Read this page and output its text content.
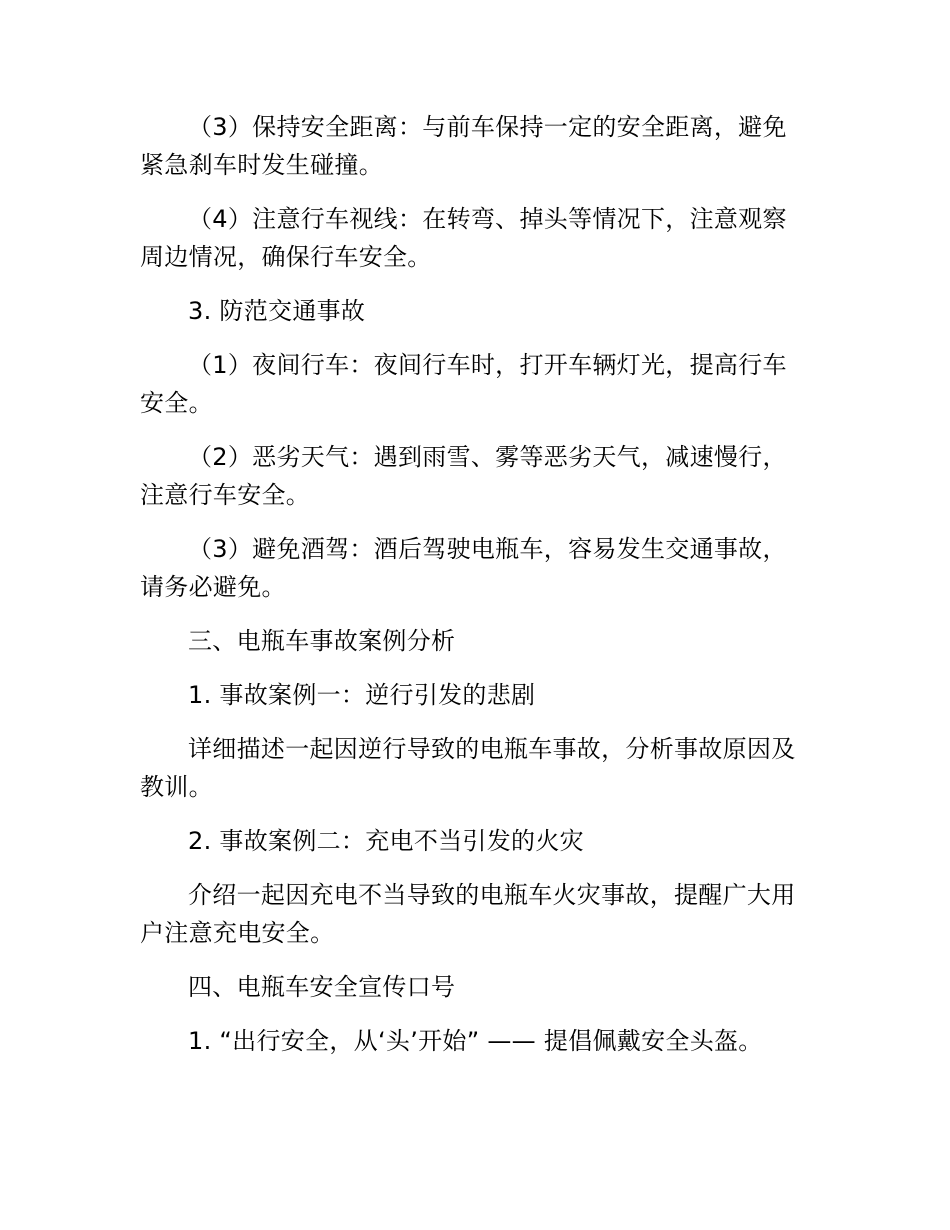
（3）保持安全距离：与前车保持一定的安全距离，避免紧急刹车时发生碰撞。

（4）注意行车视线：在转弯、掉头等情况下，注意观察周边情况，确保行车安全。

3. 防范交通事故

（1）夜间行车：夜间行车时，打开车辆灯光，提高行车安全。

（2）恶劣天气：遇到雨雪、雾等恶劣天气，减速慢行，注意行车安全。

（3）避免酒驾：酒后驾驶电瓶车，容易发生交通事故，请务必避免。

三、电瓶车事故案例分析

1. 事故案例一：逆行引发的悲剧

详细描述一起因逆行导致的电瓶车事故，分析事故原因及教训。

2. 事故案例二：充电不当引发的火灾

介绍一起因充电不当导致的电瓶车火灾事故，提醒广大用户注意充电安全。

四、电瓶车安全宣传口号

1. “出行安全，从‘头’开始” —— 提倡佩戴安全头盔。
